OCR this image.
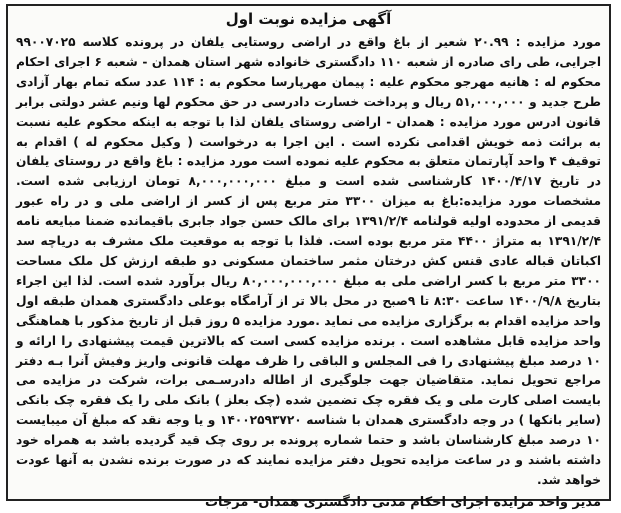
آگهی مزایده نوبت اول

مورد مزایده : ۲۰.۹۹ شعیر از باغ واقع در اراضی روستایی یلفان در پرونده کلاسه ۹۹۰۰۷۰۲۵ اجرایی، طی رای صادره از شعبه ۱۱۰ دادگستری خانواده شهر استان همدان - شعبه ۶ اجرای احکام محکوم له : هانیه مهرجو محکوم علیه : پیمان مهرپارسا محکوم به : ۱۱۴ عدد سکه تمام بهار آزادی طرح جدید و ۵۱,۰۰۰,۰۰۰ ریال و پرداخت خسارت دادرسی در حق محکوم لها ونیم عشر دولتی برابر قانون ادرس مورد مزایده : همدان - اراضی روستای یلفان لذا با توجه به اینکه محکوم علیه نسبت به برائت ذمه خویش اقدامی نکرده است . این اجرا به درخواست ( وکیل محکوم له ) اقدام به توقیف ۴ واحد آپارتمان متعلق به محکوم علیه نموده است مورد مزایده : باغ واقع در روستای یلفان در تاریخ ۱۴۰۰/۴/۱۷ کارشناسی شده است و مبلغ ۸,۰۰۰,۰۰۰,۰۰۰ تومان ارزیابی شده است. مشخصات مورد مزایده:باغ به میزان ۳۳۰۰ متر مربع پس از کسر از اراضی ملی و در راه عبور قدیمی از محدوده اولیه قولنامه ۱۳۹۱/۲/۴ برای مالک حسن جواد جابری باقیمانده ضمنا مبایعه نامه ۱۳۹۱/۲/۴ به متراژ ۴۴۰۰ متر مربع بوده است. فلذا با توجه به موقعیت ملک مشرف به دریاچه سد اکباتان قباله عادی قنس کش درختان مثمر ساختمان مسکونی دو طبقه ارزش کل ملک مساحت ۳۳۰۰ متر مربع با کسر اراضی ملی به مبلغ ۸۰,۰۰۰,۰۰۰,۰۰۰ ریال برآورد شده است. لذا این اجراء بتاریخ ۱۴۰۰/۹/۸ ساعت ۸:۳۰ تا ۹صبح در محل بالا تر از آرامگاه بوعلی دادگستری همدان طبقه اول واحد مزایده اقدام به برگزاری مزایده می نماید .مورد مزایده ۵ روز قبل از تاریخ مذکور با هماهنگی واحد مزایده قابل مشاهده است . برنده مزایده کسی است که بالاترین قیمت پیشنهادی را ارائه و ۱۰ درصد مبلغ پیشنهادی را فی المجلس و الباقی را ظرف مهلت قانونی واریز وفیش آنرا بـه دفتر مراجع تحویل نماید. متقاضیان جهت جلوگیری از اطاله دادرسـمی برات، شرکت در مزایده می بایست اصلی کارت ملی و یک فقره چک تضمین شده (چک بعلز ) بانک ملی را یک فقره چک بانکی (سایر بانکها ) در وجه دادگستری همدان با شناسه ۱۴۰۰۲۵۹۳۷۲۰ و یا وجه نقد که مبلغ آن میبایست ۱۰ درصد مبلغ کارشناسان باشد و حتما شماره پرونده بر روی چک قید گردیده باشد به همراه خود داشته باشند و در ساعت مزایده تحویل دفتر مزایده نمایند که در صورت برنده نشدن به آنها عودت خواهد شد.

مدیر واحد مزایده اجرای احکام مدنی دادگستری همدان- مزجات
